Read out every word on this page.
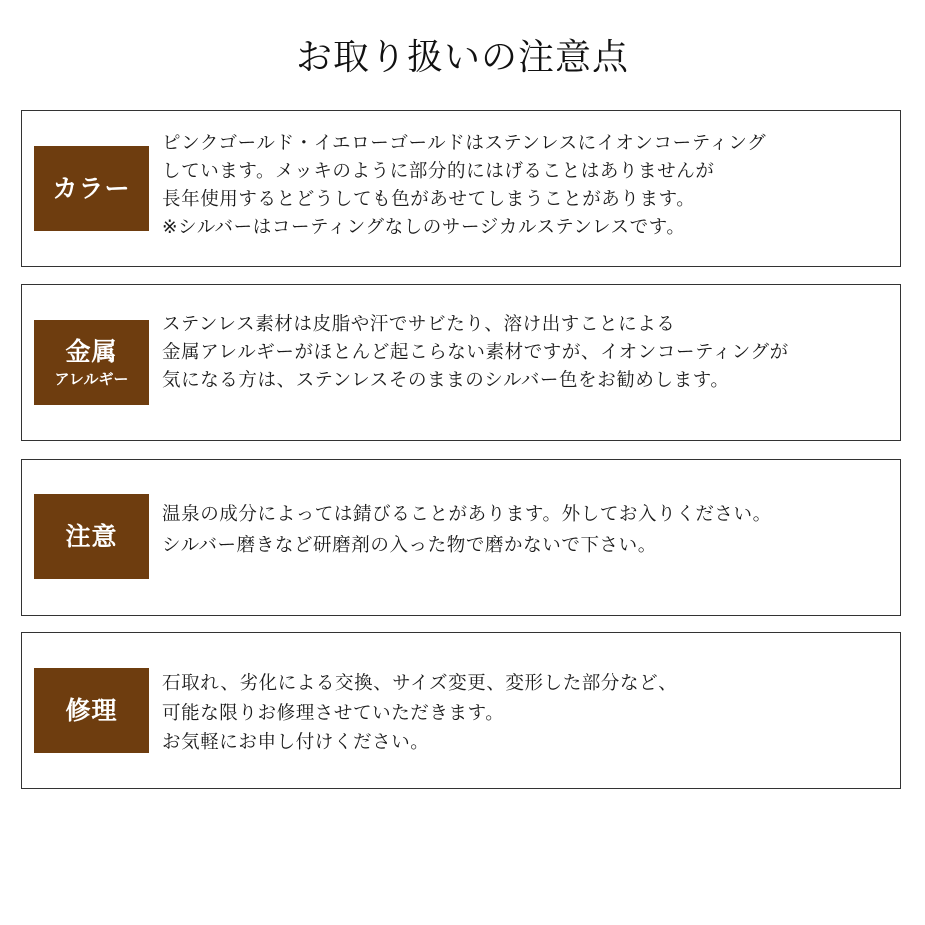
お取り扱いの注意点
カラー
ピンクゴールド・イエローゴールドはステンレスにイオンコーティング
しています。メッキのように部分的にはげることはありませんが
長年使用するとどうしても色があせてしまうことがあります。
※シルバーはコーティングなしのサージカルステンレスです。
金属
アレルギー
ステンレス素材は皮脂や汗でサビたり、溶け出すことによる
金属アレルギーがほとんど起こらない素材ですが、イオンコーティングが
気になる方は、ステンレスそのままのシルバー色をお勧めします。
注意
温泉の成分によっては錆びることがあります。外してお入りください。
シルバー磨きなど研磨剤の入った物で磨かないで下さい。
修理
石取れ、劣化による交換、サイズ変更、変形した部分など、
可能な限りお修理させていただきます。
お気軽にお申し付けください。
